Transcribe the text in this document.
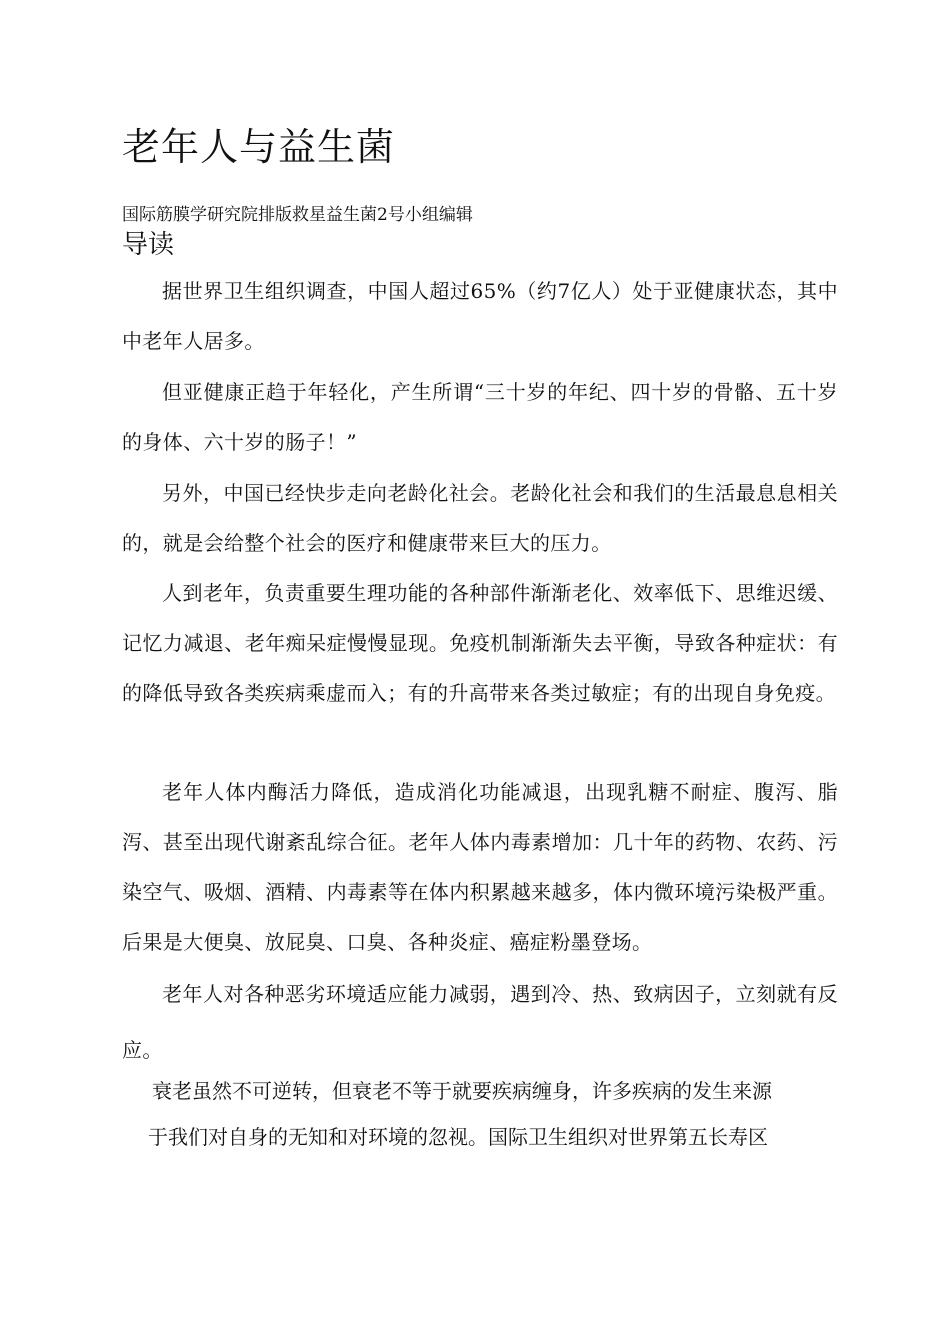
老年人与益生菌

国际筋膜学研究院排版救星益生菌2号小组编辑

导读

据世界卫生组织调查，中国人超过65%（约7亿人）处于亚健康状态，其中中老年人居多。

但亚健康正趋于年轻化，产生所谓“三十岁的年纪、四十岁的骨骼、五十岁的身体、六十岁的肠子！”

另外，中国已经快步走向老龄化社会。老龄化社会和我们的生活最息息相关的，就是会给整个社会的医疗和健康带来巨大的压力。

人到老年，负责重要生理功能的各种部件渐渐老化、效率低下、思维迟缓、记忆力减退、老年痴呆症慢慢显现。免疫机制渐渐失去平衡，导致各种症状：有的降低导致各类疾病乘虚而入；有的升高带来各类过敏症；有的出现自身免疫。

老年人体内酶活力降低，造成消化功能减退，出现乳糖不耐症、腹泻、脂泻、甚至出现代谢紊乱综合征。老年人体内毒素增加：几十年的药物、农药、污染空气、吸烟、酒精、内毒素等在体内积累越来越多，体内微环境污染极严重。后果是大便臭、放屁臭、口臭、各种炎症、癌症粉墨登场。

老年人对各种恶劣环境适应能力减弱，遇到冷、热、致病因子，立刻就有反应。

衰老虽然不可逆转，但衰老不等于就要疾病缠身，许多疾病的发生来源
于我们对自身的无知和对环境的忽视。国际卫生组织对世界第五长寿区
